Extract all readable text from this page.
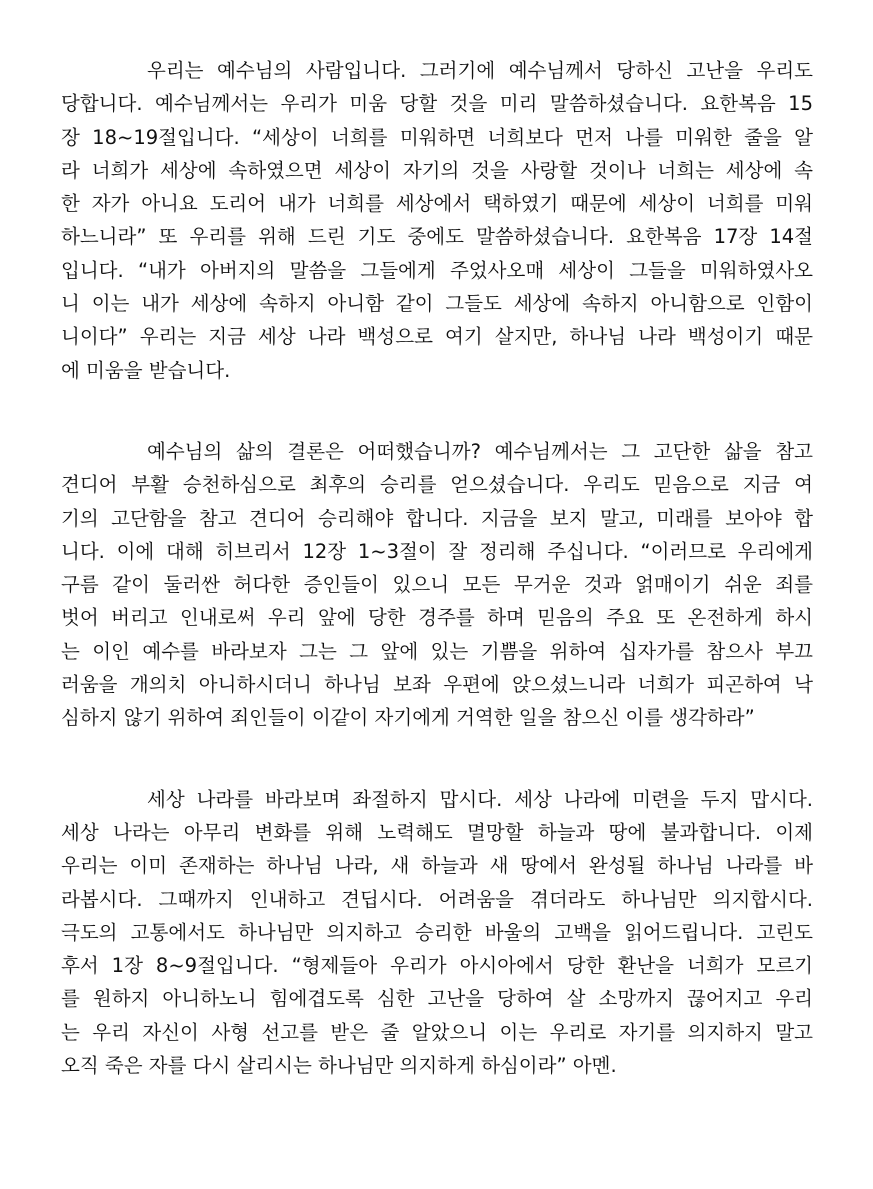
우리는 예수님의 사람입니다. 그러기에 예수님께서 당하신 고난을 우리도
당합니다. 예수님께서는 우리가 미움 당할 것을 미리 말씀하셨습니다. 요한복음 15
장 18~19절입니다. “세상이 너희를 미워하면 너희보다 먼저 나를 미워한 줄을 알
라 너희가 세상에 속하였으면 세상이 자기의 것을 사랑할 것이나 너희는 세상에 속
한 자가 아니요 도리어 내가 너희를 세상에서 택하였기 때문에 세상이 너희를 미워
하느니라” 또 우리를 위해 드린 기도 중에도 말씀하셨습니다. 요한복음 17장 14절
입니다. “내가 아버지의 말씀을 그들에게 주었사오매 세상이 그들을 미워하였사오
니 이는 내가 세상에 속하지 아니함 같이 그들도 세상에 속하지 아니함으로 인함이
니이다” 우리는 지금 세상 나라 백성으로 여기 살지만, 하나님 나라 백성이기 때문
에 미움을 받습니다.
예수님의 삶의 결론은 어떠했습니까? 예수님께서는 그 고단한 삶을 참고
견디어 부활 승천하심으로 최후의 승리를 얻으셨습니다. 우리도 믿음으로 지금 여
기의 고단함을 참고 견디어 승리해야 합니다. 지금을 보지 말고, 미래를 보아야 합
니다. 이에 대해 히브리서 12장 1~3절이 잘 정리해 주십니다. “이러므로 우리에게
구름 같이 둘러싼 허다한 증인들이 있으니 모든 무거운 것과 얽매이기 쉬운 죄를
벗어 버리고 인내로써 우리 앞에 당한 경주를 하며 믿음의 주요 또 온전하게 하시
는 이인 예수를 바라보자 그는 그 앞에 있는 기쁨을 위하여 십자가를 참으사 부끄
러움을 개의치 아니하시더니 하나님 보좌 우편에 앉으셨느니라 너희가 피곤하여 낙
심하지 않기 위하여 죄인들이 이같이 자기에게 거역한 일을 참으신 이를 생각하라”
세상 나라를 바라보며 좌절하지 맙시다. 세상 나라에 미련을 두지 맙시다.
세상 나라는 아무리 변화를 위해 노력해도 멸망할 하늘과 땅에 불과합니다. 이제
우리는 이미 존재하는 하나님 나라, 새 하늘과 새 땅에서 완성될 하나님 나라를 바
라봅시다. 그때까지 인내하고 견딥시다. 어려움을 겪더라도 하나님만 의지합시다.
극도의 고통에서도 하나님만 의지하고 승리한 바울의 고백을 읽어드립니다. 고린도
후서 1장 8~9절입니다. “형제들아 우리가 아시아에서 당한 환난을 너희가 모르기
를 원하지 아니하노니 힘에겹도록 심한 고난을 당하여 살 소망까지 끊어지고 우리
는 우리 자신이 사형 선고를 받은 줄 알았으니 이는 우리로 자기를 의지하지 말고
오직 죽은 자를 다시 살리시는 하나님만 의지하게 하심이라” 아멘.
